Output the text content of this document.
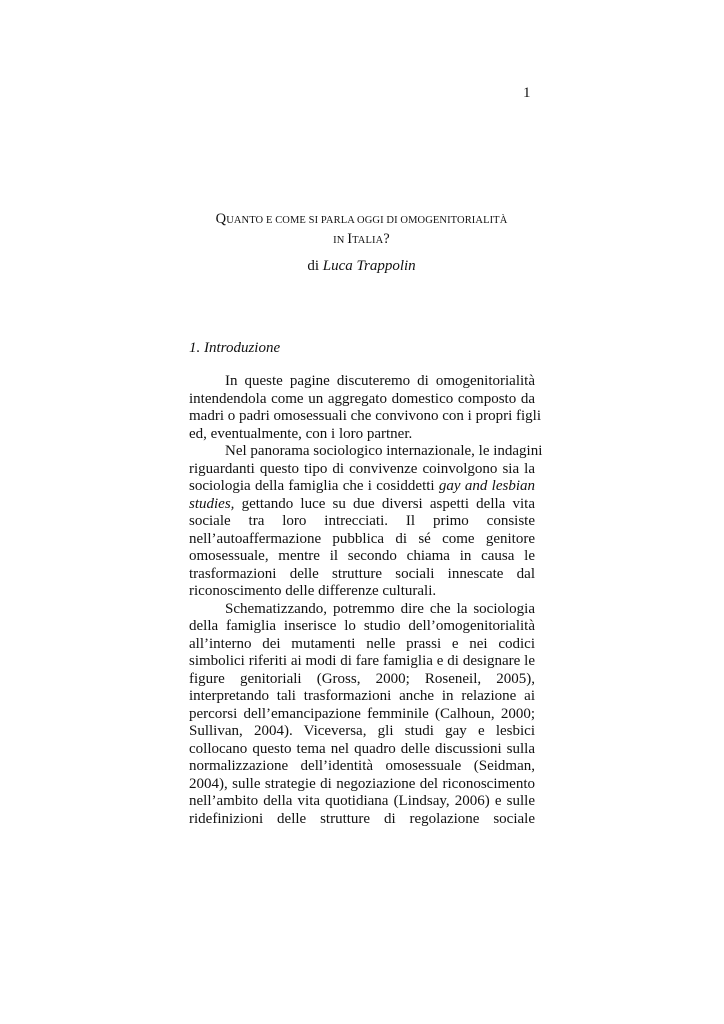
1
QUANTO E COME SI PARLA OGGI DI OMOGENITORIALITÀ
IN ITALIA?
di Luca Trappolin
1. Introduzione
In queste pagine discuteremo di omogenitorialità
intendendola come un aggregato domestico composto da
madri o padri omosessuali che convivono con i propri figli
ed, eventualmente, con i loro partner.
Nel panorama sociologico internazionale, le indagini
riguardanti questo tipo di convivenze coinvolgono sia la
sociologia della famiglia che i cosiddetti gay and lesbian
studies, gettando luce su due diversi aspetti della vita
sociale tra loro intrecciati. Il primo consiste
nell’autoaffermazione pubblica di sé come genitore
omosessuale, mentre il secondo chiama in causa le
trasformazioni delle strutture sociali innescate dal
riconoscimento delle differenze culturali.
Schematizzando, potremmo dire che la sociologia
della famiglia inserisce lo studio dell’omogenitorialità
all’interno dei mutamenti nelle prassi e nei codici
simbolici riferiti ai modi di fare famiglia e di designare le
figure genitoriali (Gross, 2000; Roseneil, 2005),
interpretando tali trasformazioni anche in relazione ai
percorsi dell’emancipazione femminile (Calhoun, 2000;
Sullivan, 2004). Viceversa, gli studi gay e lesbici
collocano questo tema nel quadro delle discussioni sulla
normalizzazione dell’identità omosessuale (Seidman,
2004), sulle strategie di negoziazione del riconoscimento
nell’ambito della vita quotidiana (Lindsay, 2006) e sulle
ridefinizioni delle strutture di regolazione sociale
